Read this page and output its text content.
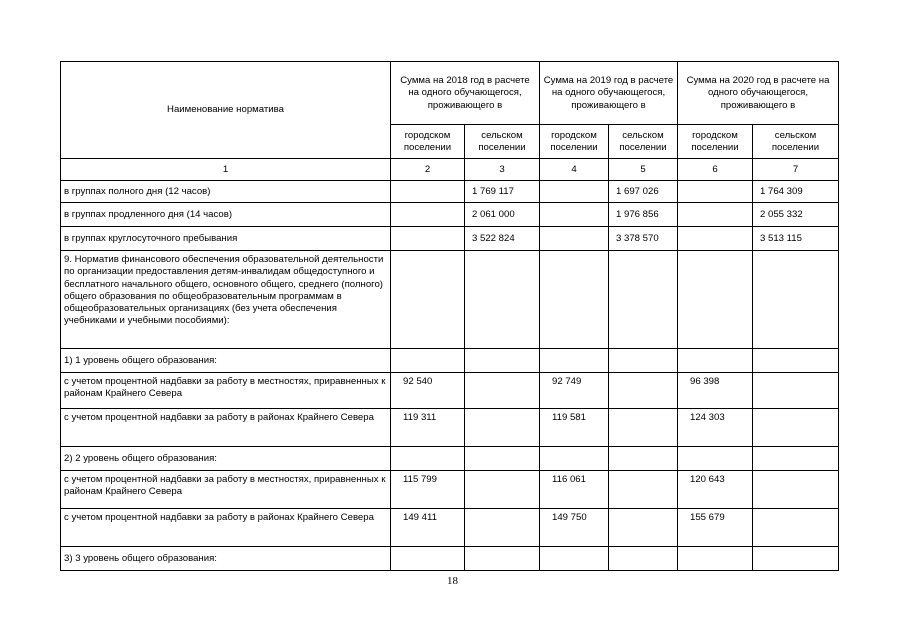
Наименование норматива	Сумма на 2018 год в расчете на одного обучающегося, проживающего в		Сумма на 2019 год в расчете на одного обучающегося, проживающего в		Сумма на 2020 год в расчете на одного обучающегося, проживающего в	
	городском поселении	сельском поселении	городском поселении	сельском поселении	городском поселении	сельском поселении
1	2	3	4	5	6	7
в группах полного дня (12 часов)		1 769 117		1 697 026		1 764 309
в группах продленного дня (14 часов)		2 061 000		1 976 856		2 055 332
в группах круглосуточного пребывания		3 522 824		3 378 570		3 513 115
9. Норматив финансового обеспечения образовательной деятельности по организации предоставления детям-инвалидам общедоступного и бесплатного начального общего, основного общего, среднего (полного) общего образования по общеобразовательным программам в общеобразовательных организациях (без учета обеспечения учебниками и учебными пособиями):						
1) 1 уровень общего образования:						
с учетом процентной надбавки за работу в местностях, приравненных к районам Крайнего Севера	92 540		92 749		96 398	
с учетом процентной надбавки за работу в районах Крайнего Севера	119 311		119 581		124 303	
2) 2 уровень общего образования:						
с учетом процентной надбавки за работу в местностях, приравненных к районам Крайнего Севера	115 799		116 061		120 643	
с учетом процентной надбавки за работу в районах Крайнего Севера	149 411		149 750		155 679	
3) 3 уровень общего образования:						
18
